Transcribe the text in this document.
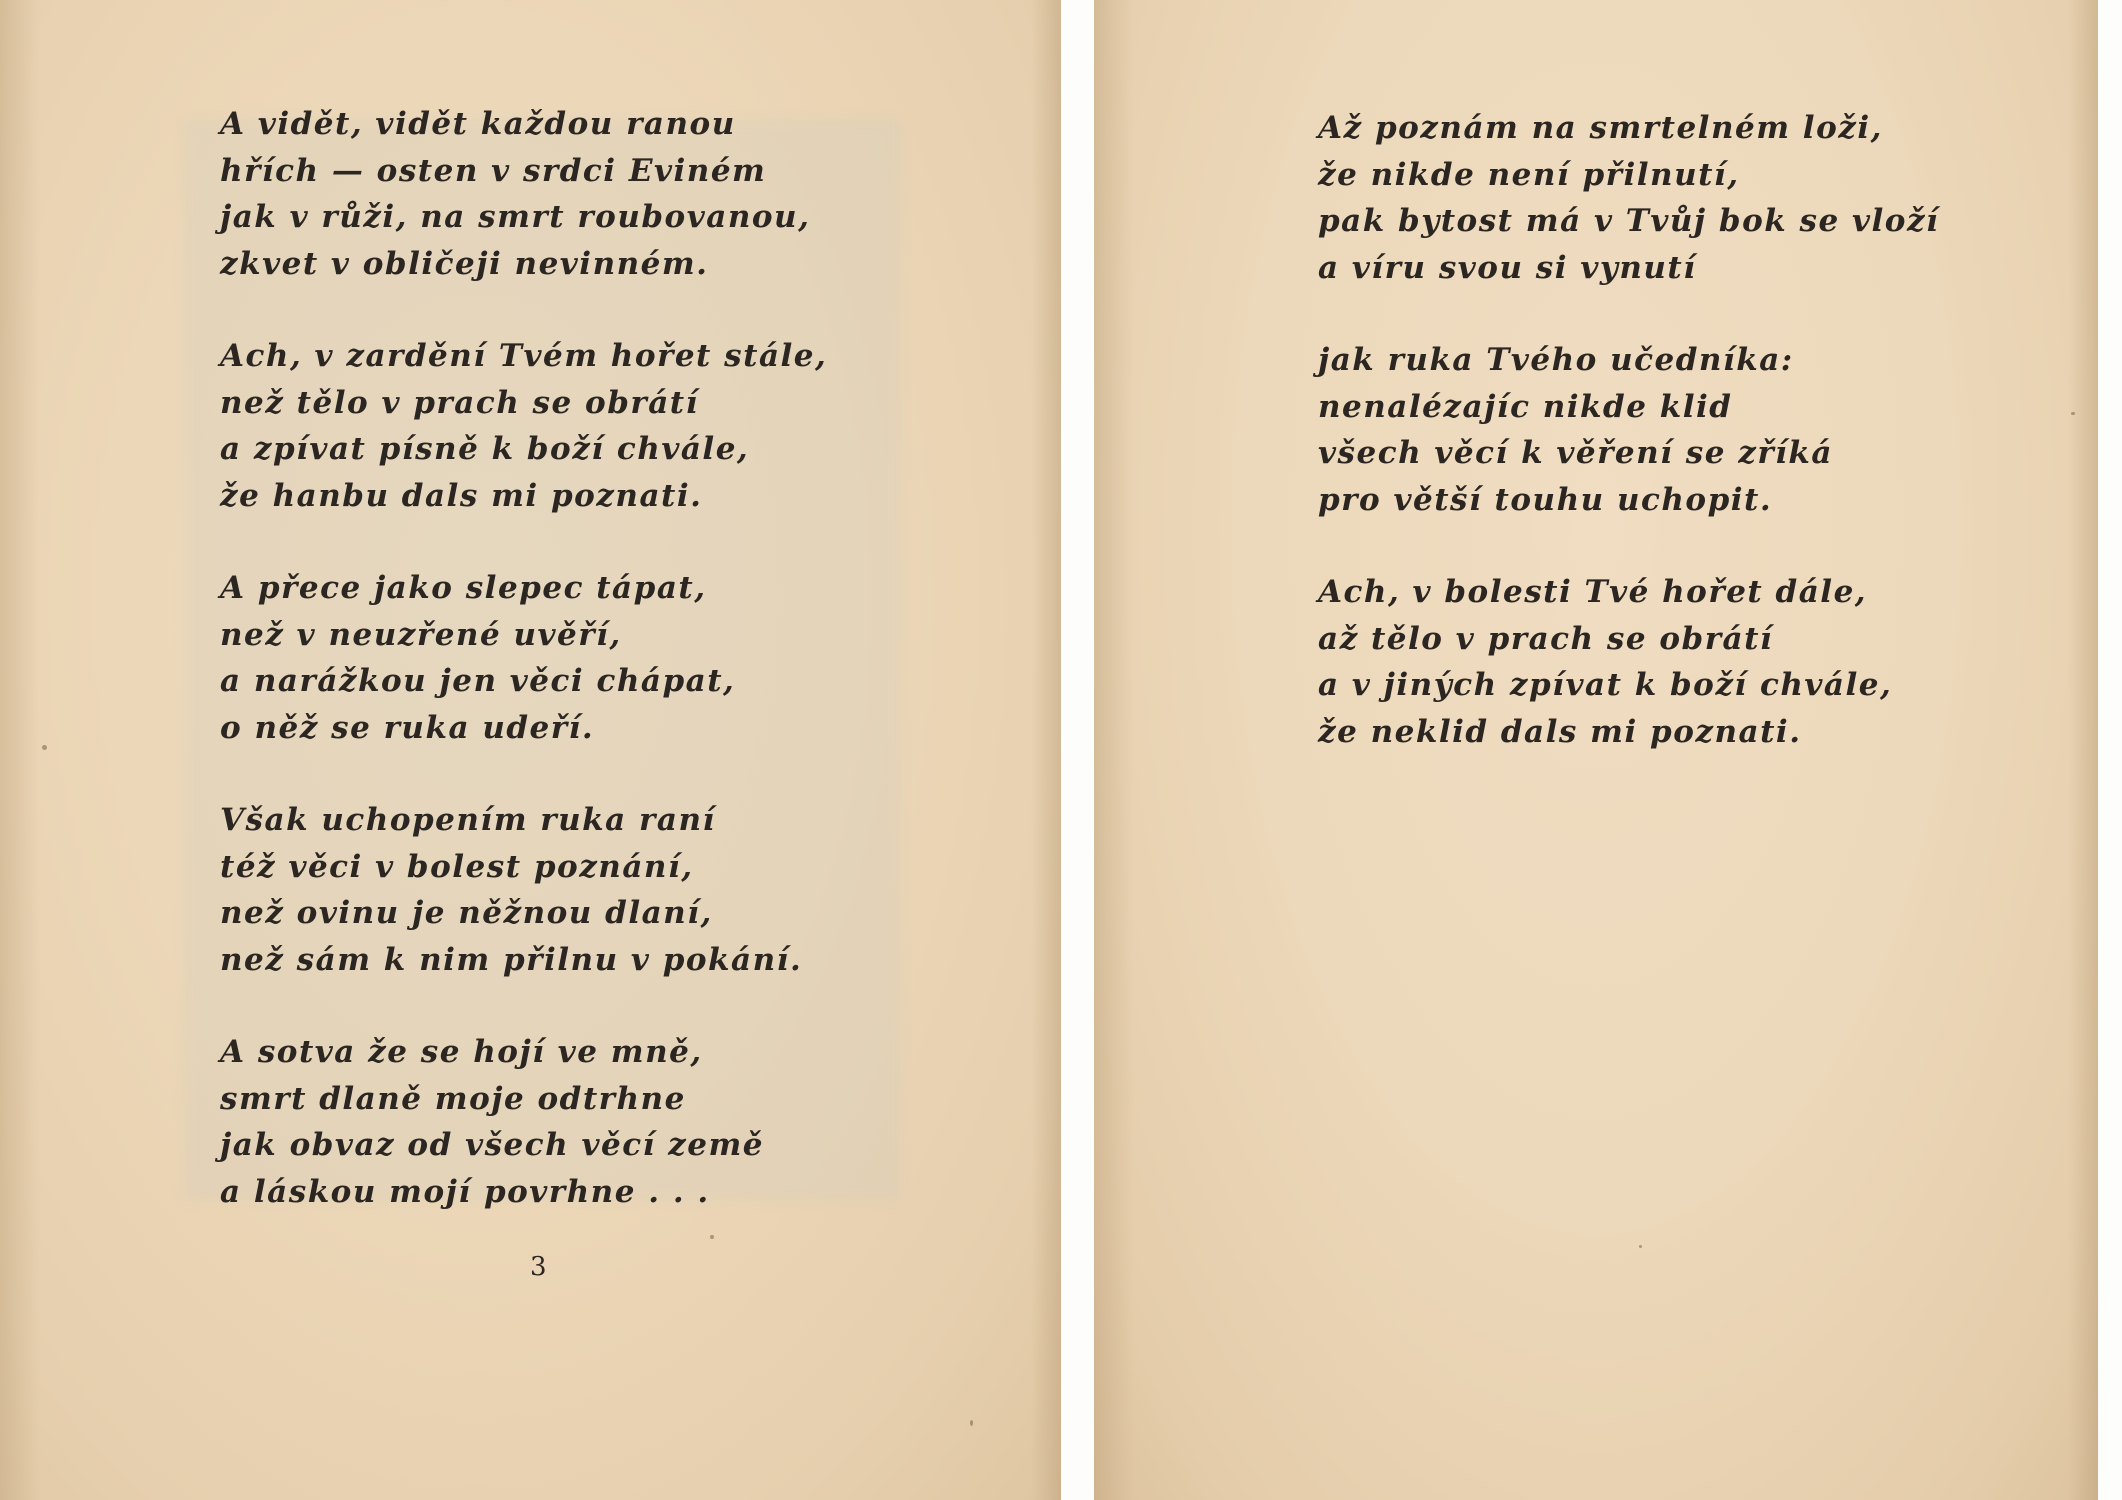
A vidět, vidět každou ranou
hřích — osten v srdci Eviném
jak v růži, na smrt roubovanou,
zkvet v obličeji nevinném.
Ach, v zardění Tvém hořet stále,
než tělo v prach se obrátí
a zpívat písně k boží chvále,
že hanbu dals mi poznati.
A přece jako slepec tápat,
než v neuzřené uvěří,
a narážkou jen věci chápat,
o něž se ruka udeří.
Však uchopením ruka raní
též věci v bolest poznání,
než ovinu je něžnou dlaní,
než sám k nim přilnu v pokání.
A sotva že se hojí ve mně,
smrt dlaně moje odtrhne
jak obvaz od všech věcí země
a láskou mojí povrhne . . .
3
Až poznám na smrtelném loži,
že nikde není přilnutí,
pak bytost má v Tvůj bok se vloží
a víru svou si vynutí
jak ruka Tvého učedníka:
nenalézajíc nikde klid
všech věcí k věření se zříká
pro větší touhu uchopit.
Ach, v bolesti Tvé hořet dále,
až tělo v prach se obrátí
a v jiných zpívat k boží chvále,
že neklid dals mi poznati.
